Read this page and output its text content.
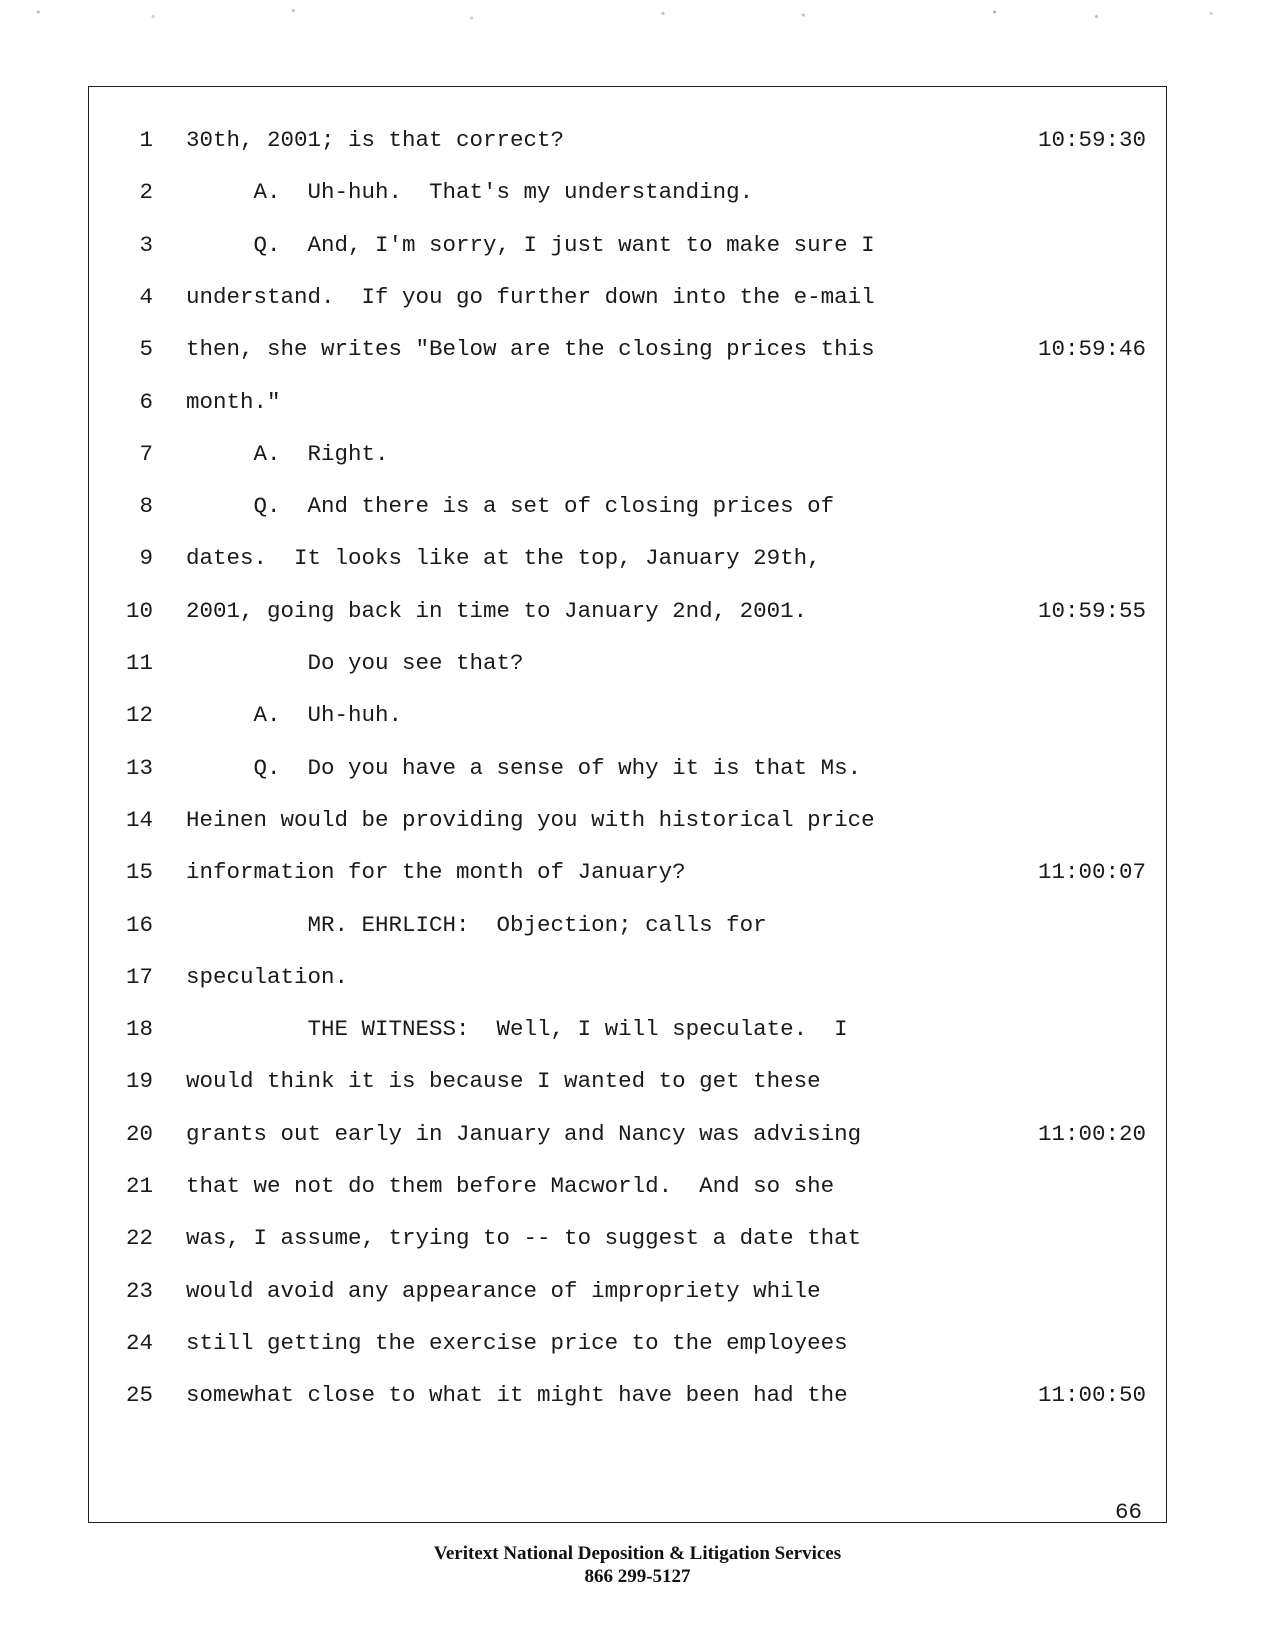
1 30th, 2001; is that correct?	10:59:30
2 A.  Uh-huh.  That's my understanding.
3 Q.  And, I'm sorry, I just want to make sure I
4 understand.  If you go further down into the e-mail
5 then, she writes "Below are the closing prices this	10:59:46
6 month."
7 A.  Right.
8 Q.  And there is a set of closing prices of
9 dates.  It looks like at the top, January 29th,
10 2001, going back in time to January 2nd, 2001.	10:59:55
11 Do you see that?
12 A.  Uh-huh.
13 Q.  Do you have a sense of why it is that Ms.
14 Heinen would be providing you with historical price
15 information for the month of January?	11:00:07
16 MR. EHRLICH:  Objection; calls for
17 speculation.
18 THE WITNESS:  Well, I will speculate.  I
19 would think it is because I wanted to get these
20 grants out early in January and Nancy was advising	11:00:20
21 that we not do them before Macworld.  And so she
22 was, I assume, trying to -- to suggest a date that
23 would avoid any appearance of impropriety while
24 still getting the exercise price to the employees
25 somewhat close to what it might have been had the	11:00:50
66
Veritext National Deposition & Litigation Services
866 299-5127
